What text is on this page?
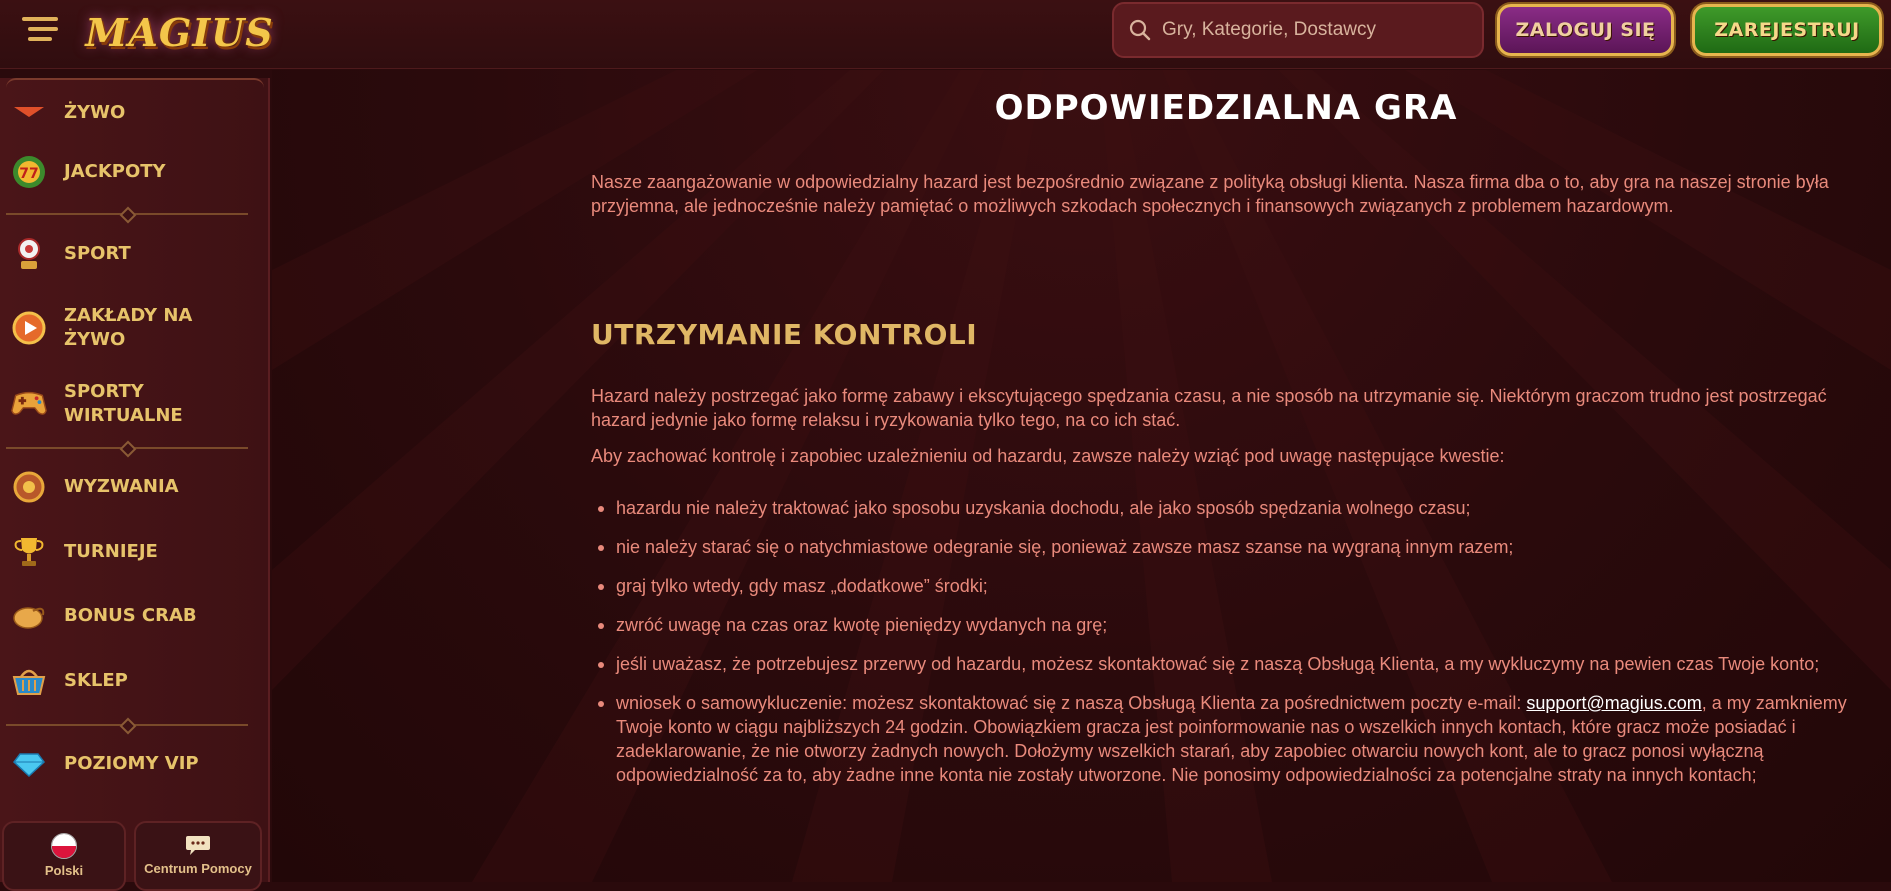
MAGIUS
Gry, Kategorie, Dostawcy	ZALOGUJ SIĘ	ZAREJESTRUJ
ŻYWO
77 JACKPOTY
SPORT
ZAKŁADY NA
ŻYWO
SPORTY
WIRTUALNE
WYZWANIA
TURNIEJE
BONUS CRAB
SKLEP
POZIOMY VIP
Polski	Centrum Pomocy
ODPOWIEDZIALNA GRA
Nasze zaangażowanie w odpowiedzialny hazard jest bezpośrednio związane z polityką obsługi klienta. Nasza firma dba o to, aby gra na naszej stronie była przyjemna, ale jednocześnie należy pamiętać o możliwych szkodach społecznych i finansowych związanych z problemem hazardowym.
UTRZYMANIE KONTROLI
Hazard należy postrzegać jako formę zabawy i ekscytującego spędzania czasu, a nie sposób na utrzymanie się. Niektórym graczom trudno jest postrzegać hazard jedynie jako formę relaksu i ryzykowania tylko tego, na co ich stać.
Aby zachować kontrolę i zapobiec uzależnieniu od hazardu, zawsze należy wziąć pod uwagę następujące kwestie:
hazardu nie należy traktować jako sposobu uzyskania dochodu, ale jako sposób spędzania wolnego czasu;
nie należy starać się o natychmiastowe odegranie się, ponieważ zawsze masz szanse na wygraną innym razem;
graj tylko wtedy, gdy masz „dodatkowe” środki;
zwróć uwagę na czas oraz kwotę pieniędzy wydanych na grę;
jeśli uważasz, że potrzebujesz przerwy od hazardu, możesz skontaktować się z naszą Obsługą Klienta, a my wykluczymy na pewien czas Twoje konto;
wniosek o samowykluczenie: możesz skontaktować się z naszą Obsługą Klienta za pośrednictwem poczty e-mail: support@magius.com, a my zamkniemy Twoje konto w ciągu najbliższych 24 godzin. Obowiązkiem gracza jest poinformowanie nas o wszelkich innych kontach, które gracz może posiadać i zadeklarowanie, że nie otworzy żadnych nowych. Dołożymy wszelkich starań, aby zapobiec otwarciu nowych kont, ale to gracz ponosi wyłączną odpowiedzialność za to, aby żadne inne konta nie zostały utworzone. Nie ponosimy odpowiedzialności za potencjalne straty na innych kontach;
